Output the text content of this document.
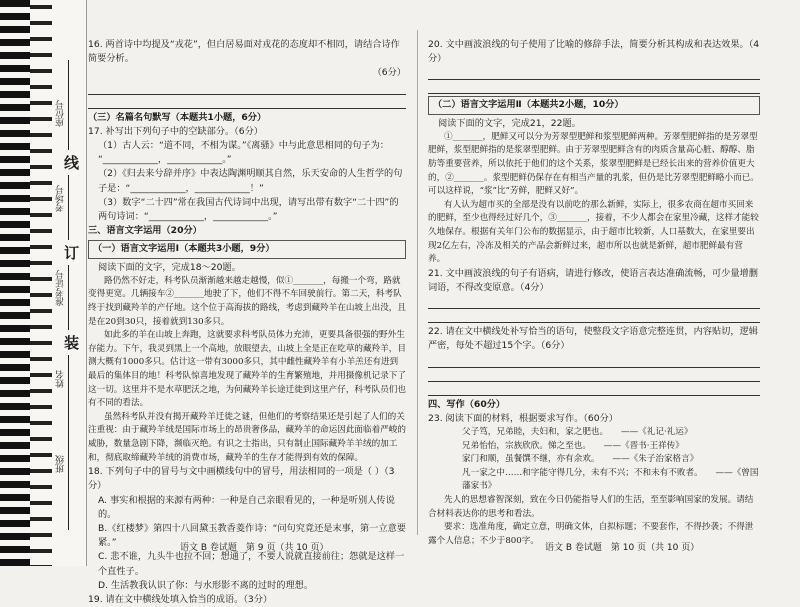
班级
姓名
准考证号
考场号
座位号
装
订
线

16. 两首诗中均提及“戎花”，但白居易面对戎花的态度却不相同，请结合诗作简要分析。

（6分）

（三）名篇名句默写（本题共1小题，6分）

17. 补写出下列句子中的空缺部分。（6分）

（1）古人云：“道不同，不相为谋。”《离骚》中与此意思相同的句子为：

“____________，____________。”

（2）《归去来兮辞并序》中表达陶渊明顺其自然，乐天安命的人生哲学的句子是：“____________，____________！”

（3）数字“二十四”常在我国古代诗词中出现，请写出带有数字“二十四”的两句诗词：“____________，____________。”

三、语言文字运用（20分）

（一）语言文字运用Ⅰ（本题共3小题，9分）

阅读下面的文字，完成18～20题。

路仍然不好走，科考队员渐渐越来越走越慢，似①_______，每搬一个弯，路就变得更宽。几辆接车②_______地驶了下，他们不得不车回驶前行。第二天，科考队终于找到藏羚羊的产仔地。这个位于高海拔的路线，考虑到藏羚羊在山坡上出没，且是在20到30只，接着就到130多只。

如此多的羊在山坡上奔跑，这就要求科考队员体力充沛，更要具备很强的野外生存能力。下午，我灵到黑上一个高地，放眼望去，山坡上全是正在吃草的藏羚羊，目测大概有1000多只。估计这一带有3000多只，其中雌性藏羚羊有小羊羔还有进到最后的集体目的地！科考队惊喜地发现了藏羚羊的生育繁殖地，并用摄像机记录下了这一切。这里并不是水草肥沃之地，为何藏羚羊长途迁徙到这里产仔，科考队员们也有不同的看法。

虽然科考队并没有揭开藏羚羊迁徙之谜，但他们的考察结果还是引起了人们的关注重视：由于藏羚羊绒是国际市场上的昂贵奢侈品，藏羚羊的命运因此面临着严峻的威胁，数量急剧下降，濒临灭绝。有识之士指出，只有制止国际藏羚羊羊绒的加工和，彻底取缔藏羚羊绒的消费市场，藏羚羊的生存才能得到有效的保障。

18. 下列句子中的冒号与文中画横线句中的冒号，用法相同的一项是（ ）（3分）

A. 事实和根据的来源有两种：一种是自己亲眼看见的，一种是听别人传说的。

B.《红楼梦》第四十八回黛玉教香菱作诗：“问句究竟还是末事，第一立意要紧。”

C. 悲不谁，九头牛也拉不回；想通了，不要人说就直接前往；怨就是这样一个直性子。

D. 生活教我认识了你：与水形影不离的过时的理想。

19. 请在文中横线处填入恰当的成语。（3分）

语文 B 卷试题　第 9 页（共 10 页）

20. 文中画波浪线的句子使用了比喻的修辞手法，简要分析其构成和表达效果。（4分）

（二）语言文字运用Ⅱ（本题共2小题，10分）

阅读下面的文字，完成21，22题。

①_______，肥鲜又可以分为芳翠型肥鲜和浆型肥鲜两种。芳翠型肥鲜指的是芳翠型肥鲜，浆型肥鲜指的是浆翠型肥鲜。由于芳翠型肥鲜含有的肉质含量高心脏、醇醇、脂肪等重要营养，所以依托于他们的这个关系，浆翠型肥鲜是已经长出来的营养价值更大的，②_______。浆型肥鲜仍保存在有相当产量的乳浆，但仍是比芳翠型肥鲜略小而已。可以这样说，“浆”比“芳鲜，肥鲜又好”。

有人认为超市买的全部是没有以前吃的那么新鲜，实际上，很多农商在超市买回来的肥鲜，至少也得经过好几个，③_______，接着，不少人都会在家里冷藏，这样才能较久地保存。根据有关年门公布的数据显示，由于超市比较新，人口基数大，在家里要出现2亿左右，冷冻及相关的产品会新鲜过来，超市所以也就是新鲜，超市肥鲜最有营养。

21. 文中画波浪线的句子有语病，请进行修改，使语言表达准确流畅，可少量增删词语，不得改变原意。（4分）

22. 请在文中横线处补写恰当的语句，使整段文字语意完整连贯，内容贴切，逻辑严密，每处不超过15个字。（6分）

四、写作（60分）

23. 阅读下面的材料，根据要求写作。（60分）

父子笃，兄弟睦，夫妇和，家之肥也。　　——《礼记·礼运》

兄弟怡怡，宗族欣欣。悌之至也。　　——《晋书·王祥传》

家门和顺，虽餐馔不继，亦有余欢。　　——《朱子治家格言》

凡一家之中……和字能守得几分，未有不兴；不和未有不败者。　　——《曾国藩家书》

先人的思想睿智深刻，致在今日仍能指导人们的生活，至至影响国家的发展。请结合材料表达你的思考和看法。

要求：选准角度，确定立意，明确文体，自拟标题；不要套作，不得抄袭；不得泄露个人信息；不少于800字。

语文 B 卷试题　第 10 页（共 10 页）
